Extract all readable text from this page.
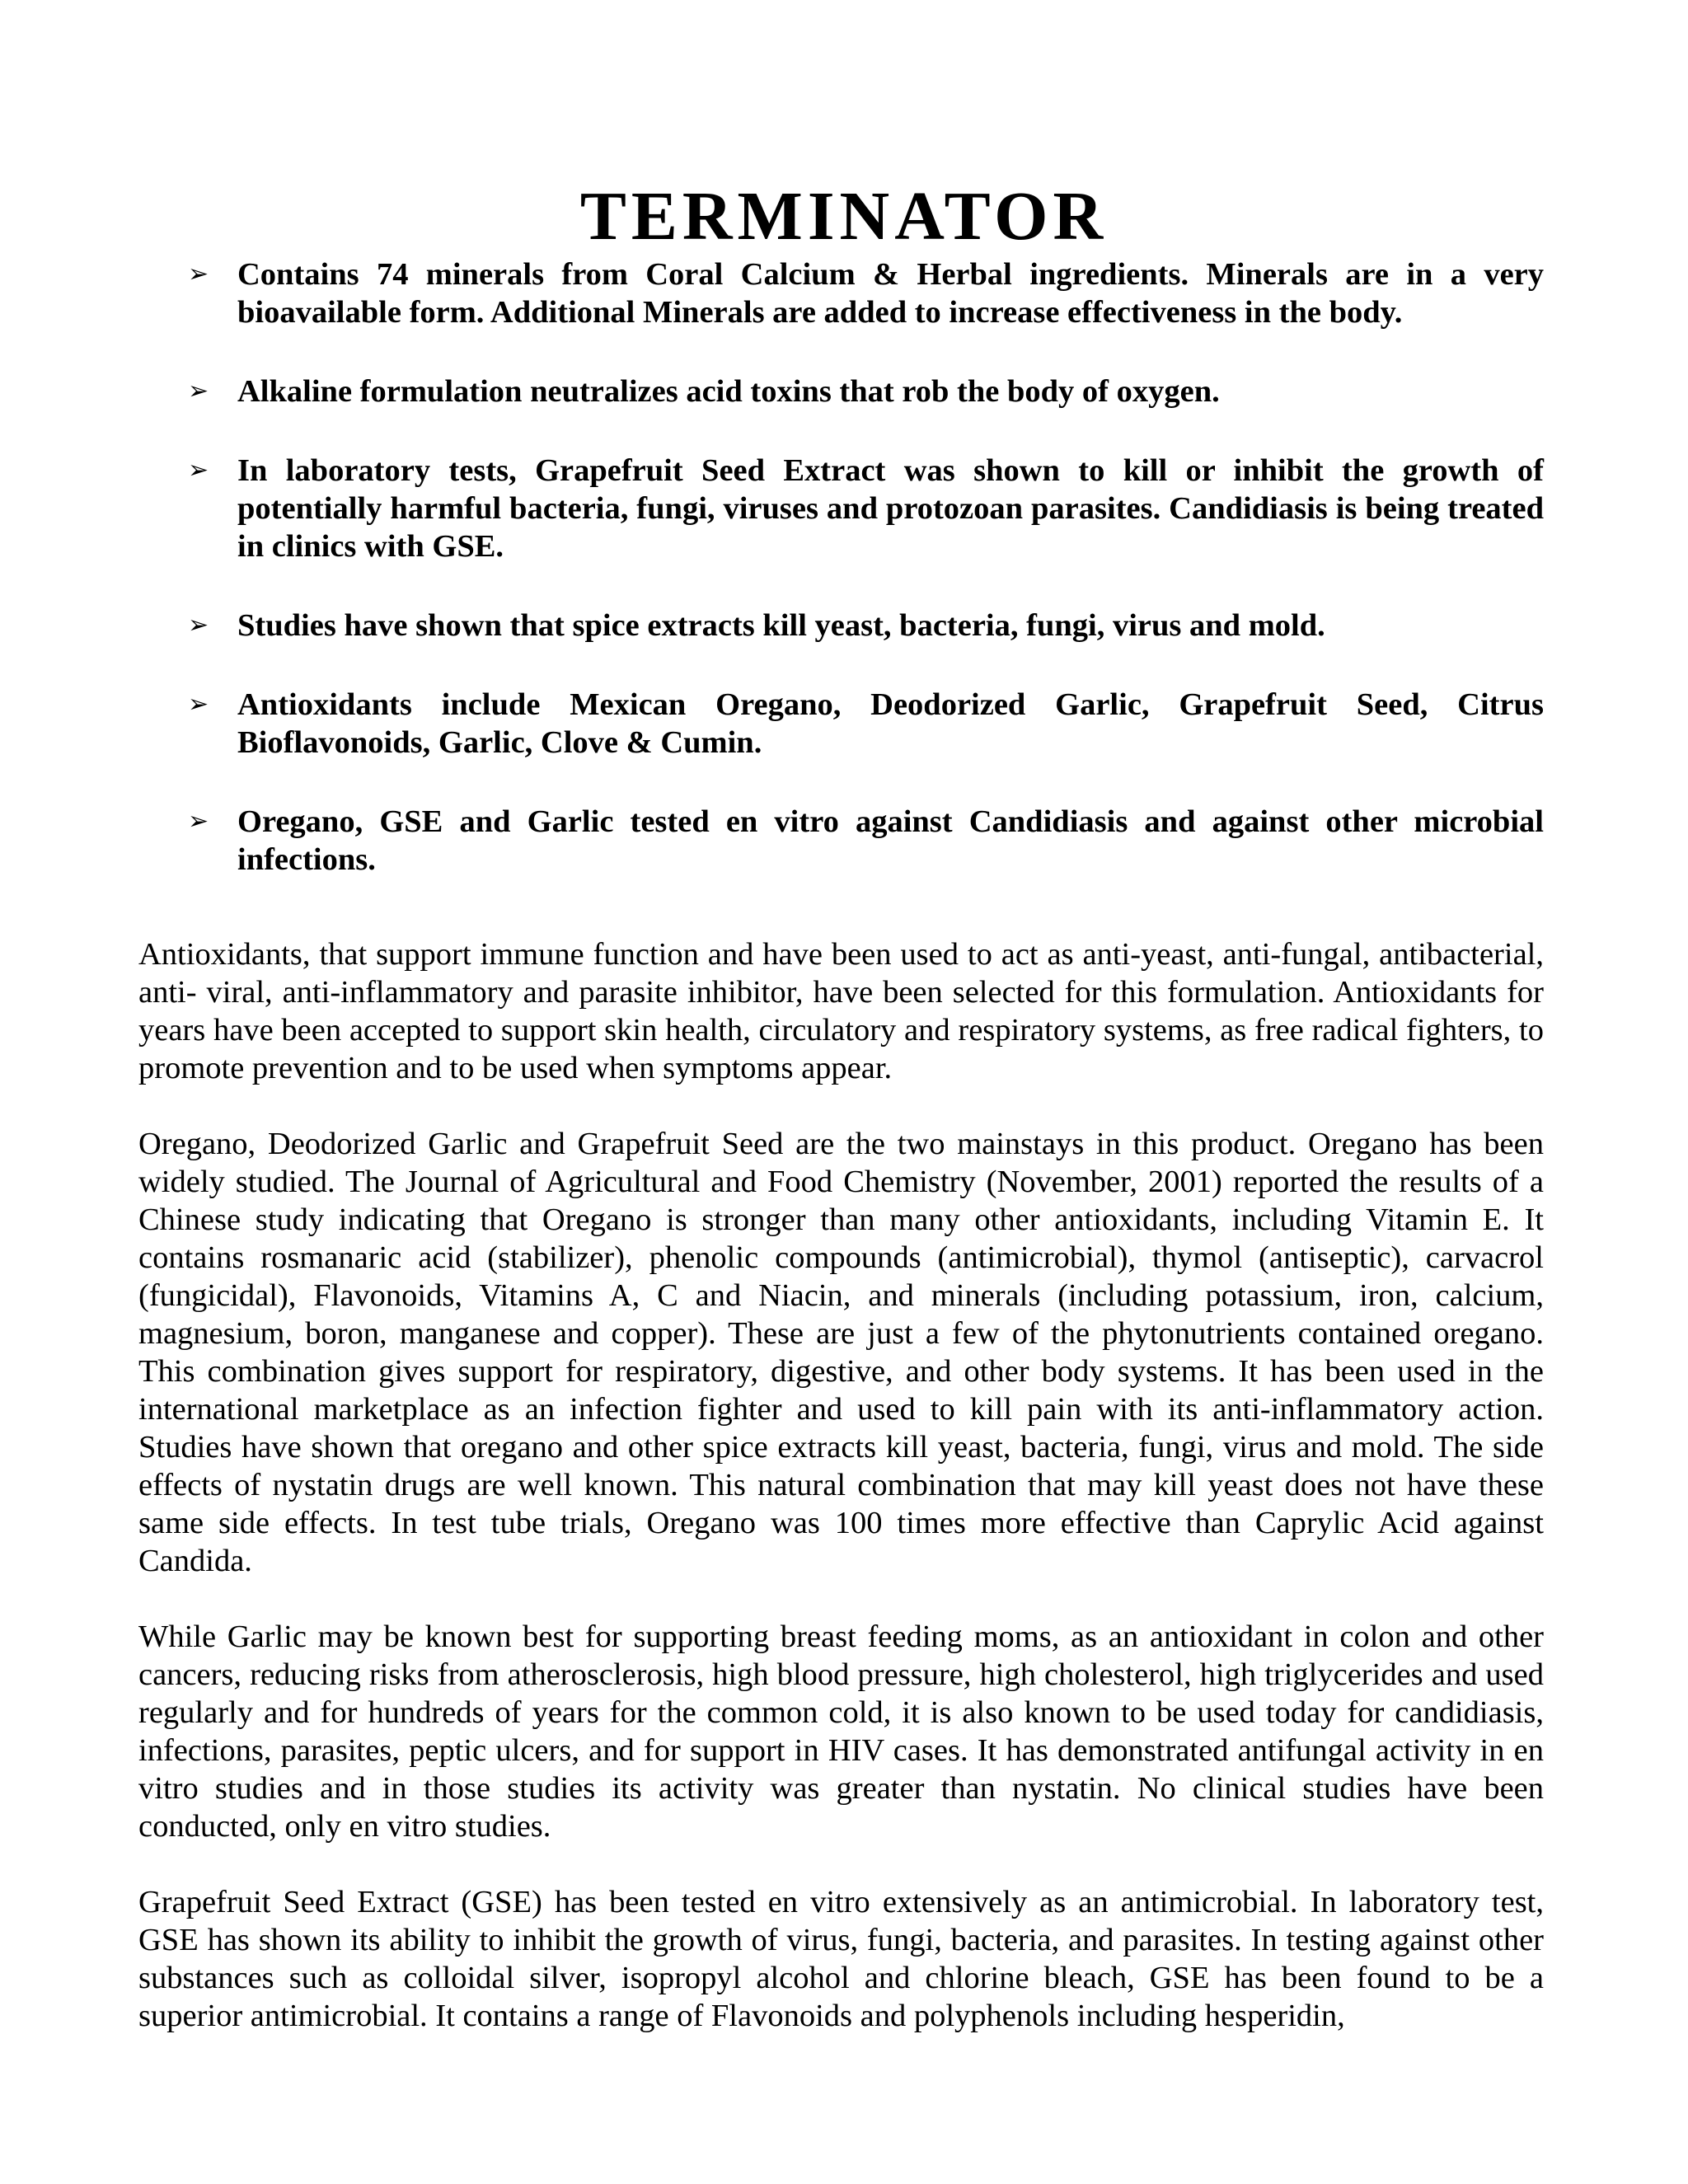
TERMINATOR
➢ Contains 74 minerals from Coral Calcium & Herbal ingredients. Minerals are in a very bioavailable form. Additional Minerals are added to increase effectiveness in the body.
➢ Alkaline formulation neutralizes acid toxins that rob the body of oxygen.
➢ In laboratory tests, Grapefruit Seed Extract was shown to kill or inhibit the growth of potentially harmful bacteria, fungi, viruses and protozoan parasites. Candidiasis is being treated in clinics with GSE.
➢ Studies have shown that spice extracts kill yeast, bacteria, fungi, virus and mold.
➢ Antioxidants include Mexican Oregano, Deodorized Garlic, Grapefruit Seed, Citrus Bioflavonoids, Garlic, Clove & Cumin.
➢ Oregano, GSE and Garlic tested en vitro against Candidiasis and against other microbial infections.

Antioxidants, that support immune function and have been used to act as anti-yeast, anti-fungal, antibacterial, anti- viral, anti-inflammatory and parasite inhibitor, have been selected for this formulation. Antioxidants for years have been accepted to support skin health, circulatory and respiratory systems, as free radical fighters, to promote prevention and to be used when symptoms appear.

Oregano, Deodorized Garlic and Grapefruit Seed are the two mainstays in this product. Oregano has been widely studied. The Journal of Agricultural and Food Chemistry (November, 2001) reported the results of a Chinese study indicating that Oregano is stronger than many other antioxidants, including Vitamin E. It contains rosmanaric acid (stabilizer), phenolic compounds (antimicrobial), thymol (antiseptic), carvacrol (fungicidal), Flavonoids, Vitamins A, C and Niacin, and minerals (including potassium, iron, calcium, magnesium, boron, manganese and copper). These are just a few of the phytonutrients contained oregano. This combination gives support for respiratory, digestive, and other body systems. It has been used in the international marketplace as an infection fighter and used to kill pain with its anti-inflammatory action. Studies have shown that oregano and other spice extracts kill yeast, bacteria, fungi, virus and mold. The side effects of nystatin drugs are well known. This natural combination that may kill yeast does not have these same side effects. In test tube trials, Oregano was 100 times more effective than Caprylic Acid against Candida.

While Garlic may be known best for supporting breast feeding moms, as an antioxidant in colon and other cancers, reducing risks from atherosclerosis, high blood pressure, high cholesterol, high triglycerides and used regularly and for hundreds of years for the common cold, it is also known to be used today for candidiasis, infections, parasites, peptic ulcers, and for support in HIV cases. It has demonstrated antifungal activity in en vitro studies and in those studies its activity was greater than nystatin. No clinical studies have been conducted, only en vitro studies.

Grapefruit Seed Extract (GSE) has been tested en vitro extensively as an antimicrobial. In laboratory test, GSE has shown its ability to inhibit the growth of virus, fungi, bacteria, and parasites. In testing against other substances such as colloidal silver, isopropyl alcohol and chlorine bleach, GSE has been found to be a superior antimicrobial. It contains a range of Flavonoids and polyphenols including hesperidin,
